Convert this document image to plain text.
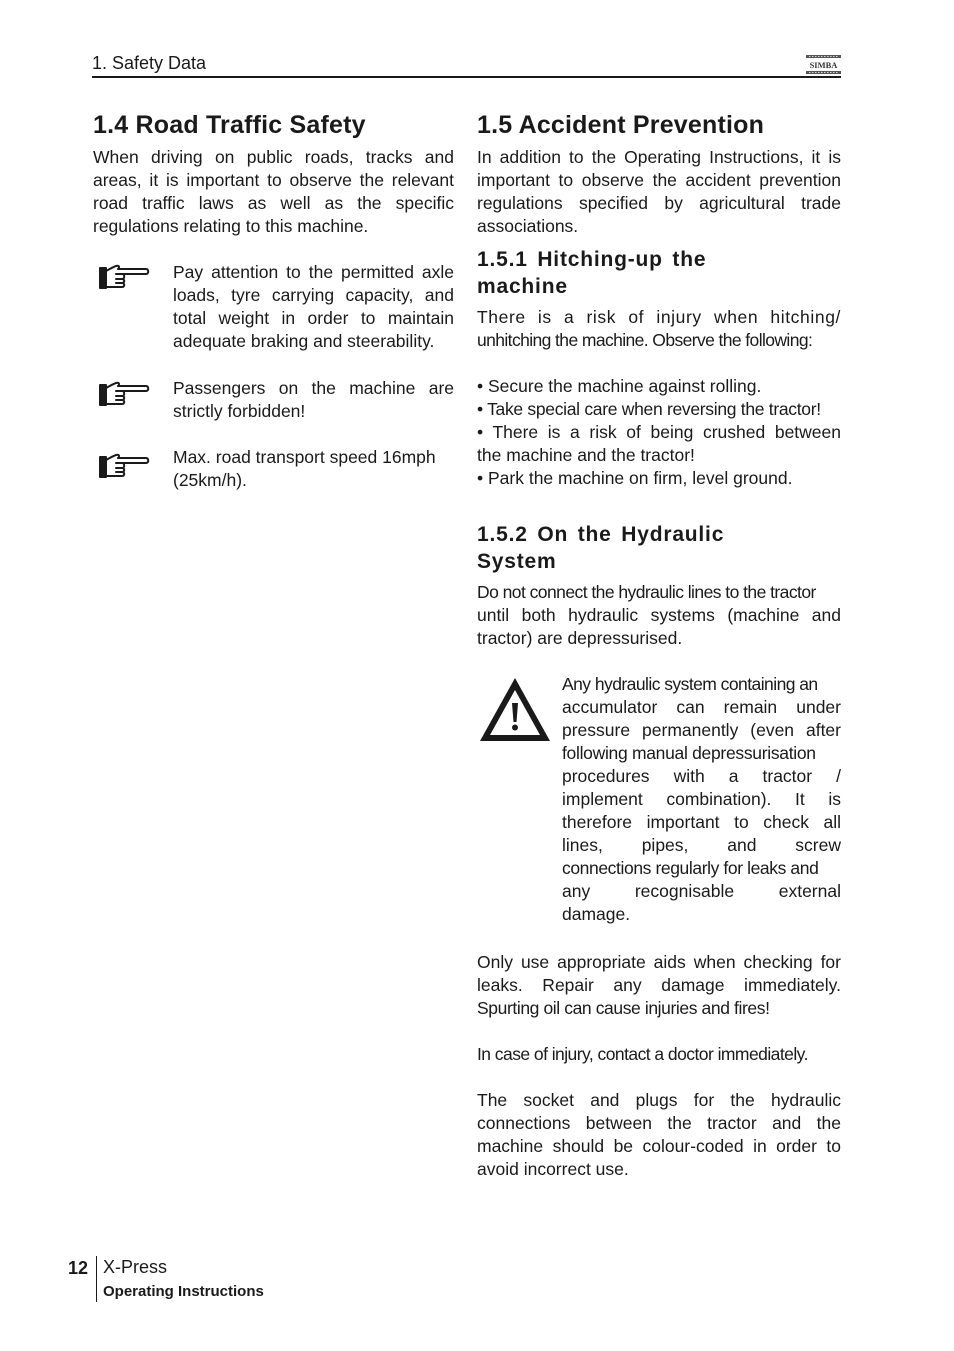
1. Safety Data	SIMBA
1.4 Road Traffic Safety
When driving on public roads, tracks and
areas, it is important to observe the relevant
road traffic laws as well as the specific
regulations relating to this machine.
Pay attention to the permitted axle
loads, tyre carrying capacity, and
total weight in order to maintain
adequate braking and steerability.
Passengers on the machine are
strictly forbidden!
Max. road transport speed 16mph
(25km/h).
1.5 Accident Prevention
In addition to the Operating Instructions, it is
important to observe the accident prevention
regulations specified by agricultural trade
associations.
1.5.1 Hitching-up the
machine
There is a risk of injury when hitching/
unhitching the machine. Observe the following:
• Secure the machine against rolling.
• Take special care when reversing the tractor!
• There is a risk of being crushed between
the machine and the tractor!
• Park the machine on firm, level ground.
1.5.2 On the Hydraulic
System
Do not connect the hydraulic lines to the tractor
until both hydraulic systems (machine and
tractor) are depressurised.
Any hydraulic system containing an
accumulator can remain under
pressure permanently (even after
following manual depressurisation
procedures with a tractor /
implement combination). It is
therefore important to check all
lines, pipes, and screw
connections regularly for leaks and
any recognisable external
damage.
Only use appropriate aids when checking for
leaks. Repair any damage immediately.
Spurting oil can cause injuries and fires!
In case of injury, contact a doctor immediately.
The socket and plugs for the hydraulic
connections between the tractor and the
machine should be colour-coded in order to
avoid incorrect use.
12 X-Press
Operating Instructions
